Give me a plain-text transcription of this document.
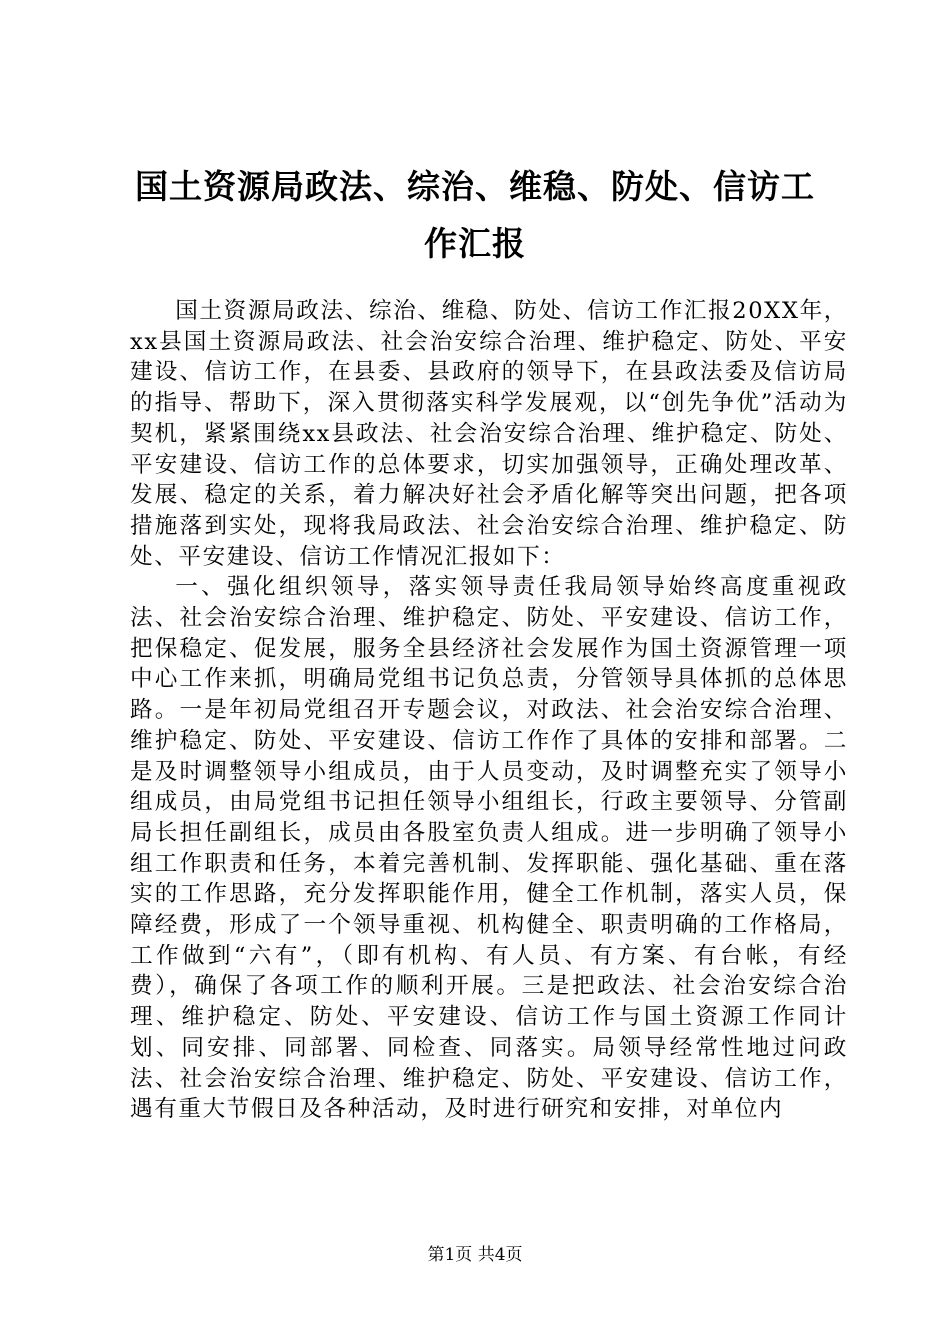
国土资源局政法、综治、维稳、防处、信访工
作汇报

国土资源局政法、综治、维稳、防处、信访工作汇报20XX年，xx县国土资源局政法、社会治安综合治理、维护稳定、防处、平安建设、信访工作，在县委、县政府的领导下，在县政法委及信访局的指导、帮助下，深入贯彻落实科学发展观，以“创先争优”活动为契机，紧紧围绕xx县政法、社会治安综合治理、维护稳定、防处、平安建设、信访工作的总体要求，切实加强领导，正确处理改革、发展、稳定的关系，着力解决好社会矛盾化解等突出问题，把各项措施落到实处，现将我局政法、社会治安综合治理、维护稳定、防处、平安建设、信访工作情况汇报如下：

一、强化组织领导，落实领导责任我局领导始终高度重视政法、社会治安综合治理、维护稳定、防处、平安建设、信访工作，把保稳定、促发展，服务全县经济社会发展作为国土资源管理一项中心工作来抓，明确局党组书记负总责，分管领导具体抓的总体思路。一是年初局党组召开专题会议，对政法、社会治安综合治理、维护稳定、防处、平安建设、信访工作作了具体的安排和部署。二是及时调整领导小组成员，由于人员变动，及时调整充实了领导小组成员，由局党组书记担任领导小组组长，行政主要领导、分管副局长担任副组长，成员由各股室负责人组成。进一步明确了领导小组工作职责和任务，本着完善机制、发挥职能、强化基础、重在落实的工作思路，充分发挥职能作用，健全工作机制，落实人员，保障经费，形成了一个领导重视、机构健全、职责明确的工作格局，工作做到“六有”，（即有机构、有人员、有方案、有台帐，有经费），确保了各项工作的顺利开展。三是把政法、社会治安综合治理、维护稳定、防处、平安建设、信访工作与国土资源工作同计划、同安排、同部署、同检查、同落实。局领导经常性地过问政法、社会治安综合治理、维护稳定、防处、平安建设、信访工作，遇有重大节假日及各种活动，及时进行研究和安排，对单位内

第1页 共4页
